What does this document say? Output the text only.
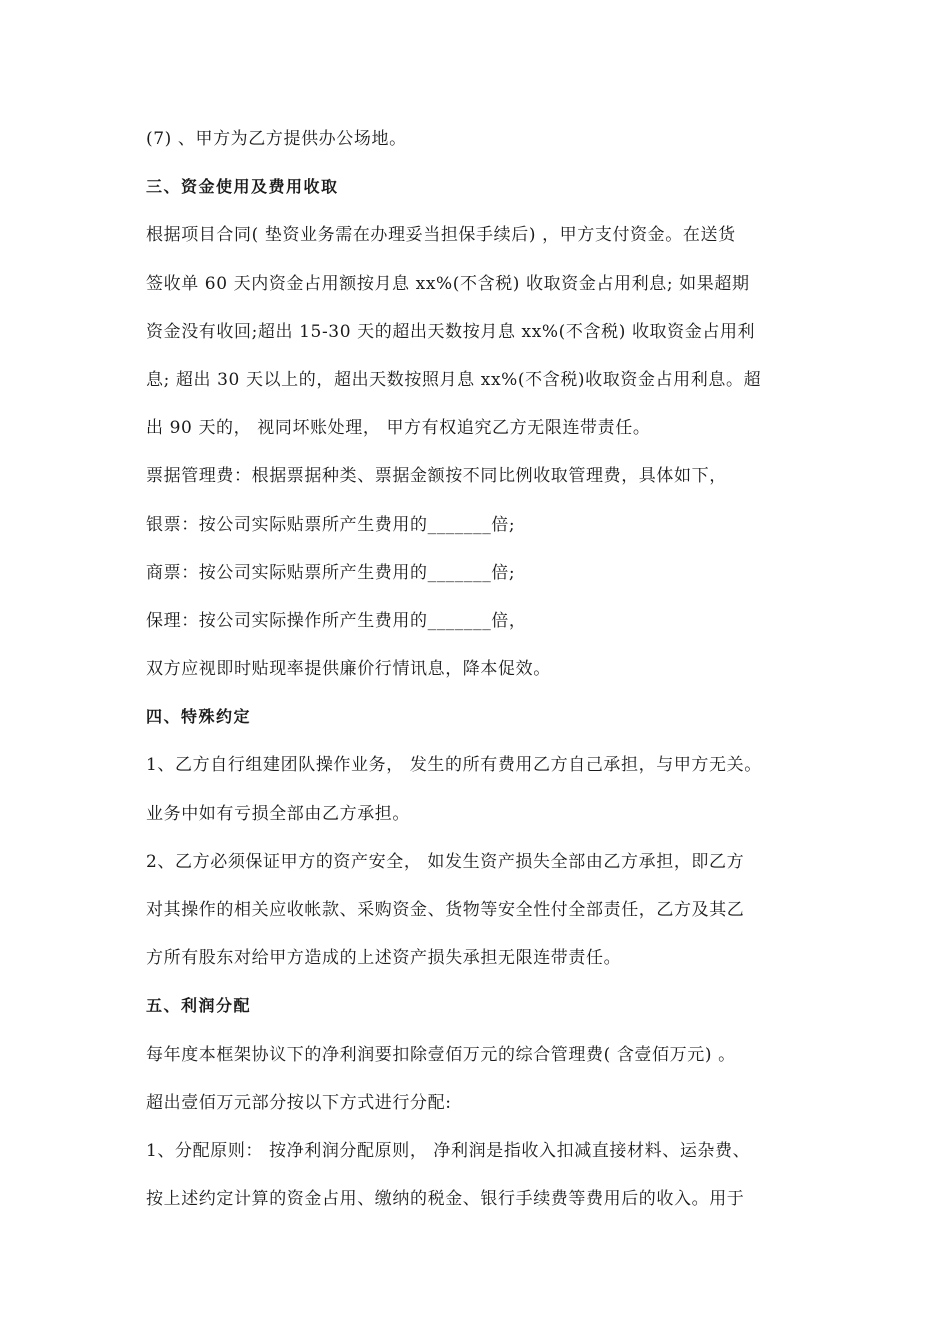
(7) 、甲方为乙方提供办公场地。
三、资金使用及费用收取
根据项目合同( 垫资业务需在办理妥当担保手续后) ，甲方支付资金。在送货
签收单 60 天内资金占用额按月息 xx%(不含税) 收取资金占用利息; 如果超期
资金没有收回;超出 15-30 天的超出天数按月息 xx%(不含税) 收取资金占用利
息; 超出 30 天以上的，超出天数按照月息 xx%(不含税)收取资金占用利息。超
出 90 天的， 视同坏账处理， 甲方有权追究乙方无限连带责任。
票据管理费：根据票据种类、票据金额按不同比例收取管理费，具体如下，
银票：按公司实际贴票所产生费用的_______倍;
商票：按公司实际贴票所产生费用的_______倍;
保理：按公司实际操作所产生费用的_______倍，
双方应视即时贴现率提供廉价行情讯息，降本促效。
四、特殊约定
1、乙方自行组建团队操作业务， 发生的所有费用乙方自己承担，与甲方无关。
业务中如有亏损全部由乙方承担。
2、乙方必须保证甲方的资产安全， 如发生资产损失全部由乙方承担，即乙方
对其操作的相关应收帐款、采购资金、货物等安全性付全部责任，乙方及其乙
方所有股东对给甲方造成的上述资产损失承担无限连带责任。
五、利润分配
每年度本框架协议下的净利润要扣除壹佰万元的综合管理费( 含壹佰万元) 。
超出壹佰万元部分按以下方式进行分配:
1、分配原则： 按净利润分配原则， 净利润是指收入扣减直接材料、运杂费、
按上述约定计算的资金占用、缴纳的税金、银行手续费等费用后的收入。用于
